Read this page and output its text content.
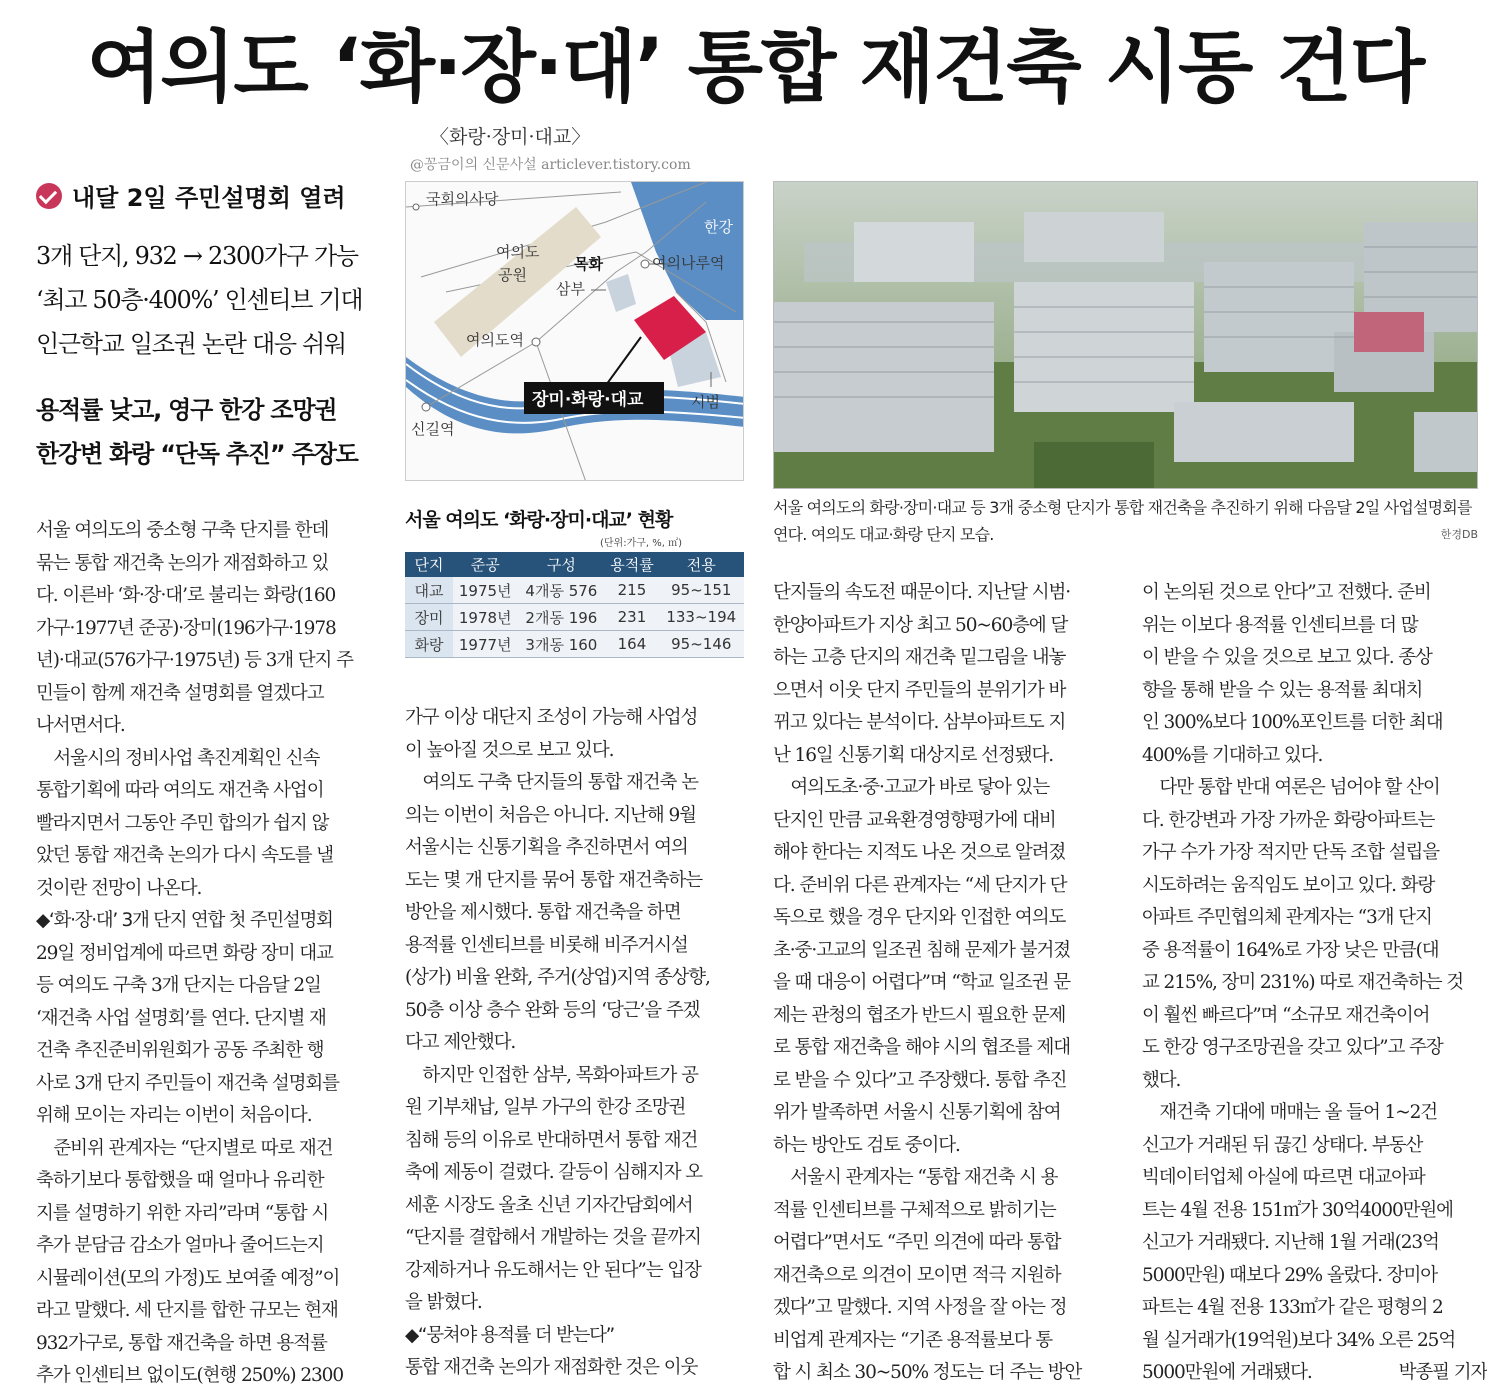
여의도 ‘화·장·대’ 통합 재건축 시동 건다
〈화랑·장미·대교〉
@꽁금이의 신문사설 articlever.tistory.com
내달 2일 주민설명회 열려
3개 단지, 932 → 2300가구 가능
‘최고 50층·400%’ 인센티브 기대
인근학교 일조권 논란 대응 쉬워
용적률 낮고, 영구 한강 조망권
한강변 화랑 “단독 추진” 주장도
국회의사당
한강
여의도
공원
목화
삼부
여의나루역
여의도역
신길역
시범
장미·화랑·대교
서울 여의도 ‘화랑·장미·대교’ 현황
(단위:가구, %, ㎡)
단지	준공	구성	용적률	전용
대교	1975년	4개동 576	215	95~151
장미	1978년	2개동 196	231	133~194
화랑	1977년	3개동 160	164	95~146
서울 여의도의 화랑·장미·대교 등 3개 중소형 단지가 통합 재건축을 추진하기 위해 다음달 2일 사업설명회를 연다. 여의도 대교·화랑 단지 모습.	한경DB

서울 여의도의 중소형 구축 단지를 한데

묶는 통합 재건축 논의가 재점화하고 있

다. 이른바 ‘화·장·대’로 불리는 화랑(160

가구·1977년 준공)·장미(196가구·1978

년)·대교(576가구·1975년) 등 3개 단지 주

민들이 함께 재건축 설명회를 열겠다고

나서면서다.

　서울시의 정비사업 촉진계획인 신속

통합기획에 따라 여의도 재건축 사업이

빨라지면서 그동안 주민 합의가 쉽지 않

았던 통합 재건축 논의가 다시 속도를 낼

것이란 전망이 나온다.

◆‘화·장·대’ 3개 단지 연합 첫 주민설명회

29일 정비업계에 따르면 화랑 장미 대교

등 여의도 구축 3개 단지는 다음달 2일

‘재건축 사업 설명회’를 연다. 단지별 재

건축 추진준비위원회가 공동 주최한 행

사로 3개 단지 주민들이 재건축 설명회를

위해 모이는 자리는 이번이 처음이다.

　준비위 관계자는 “단지별로 따로 재건

축하기보다 통합했을 때 얼마나 유리한

지를 설명하기 위한 자리”라며 “통합 시

추가 분담금 감소가 얼마나 줄어드는지

시뮬레이션(모의 가정)도 보여줄 예정”이

라고 말했다. 세 단지를 합한 규모는 현재

932가구로, 통합 재건축을 하면 용적률

추가 인센티브 없이도(현행 250%) 2300

가구 이상 대단지 조성이 가능해 사업성

이 높아질 것으로 보고 있다.

　여의도 구축 단지들의 통합 재건축 논

의는 이번이 처음은 아니다. 지난해 9월

서울시는 신통기획을 추진하면서 여의

도는 몇 개 단지를 묶어 통합 재건축하는

방안을 제시했다. 통합 재건축을 하면

용적률 인센티브를 비롯해 비주거시설

(상가) 비율 완화, 주거(상업)지역 종상향,

50층 이상 층수 완화 등의 ‘당근’을 주겠

다고 제안했다.

　하지만 인접한 삼부, 목화아파트가 공

원 기부채납, 일부 가구의 한강 조망권

침해 등의 이유로 반대하면서 통합 재건

축에 제동이 걸렸다. 갈등이 심해지자 오

세훈 시장도 올초 신년 기자간담회에서

“단지를 결합해서 개발하는 것을 끝까지

강제하거나 유도해서는 안 된다”는 입장

을 밝혔다.

◆“뭉쳐야 용적률 더 받는다”

통합 재건축 논의가 재점화한 것은 이웃

단지들의 속도전 때문이다. 지난달 시범·

한양아파트가 지상 최고 50~60층에 달

하는 고층 단지의 재건축 밑그림을 내놓

으면서 이웃 단지 주민들의 분위기가 바

뀌고 있다는 분석이다. 삼부아파트도 지

난 16일 신통기획 대상지로 선정됐다.

　여의도초·중·고교가 바로 닿아 있는

단지인 만큼 교육환경영향평가에 대비

해야 한다는 지적도 나온 것으로 알려졌

다. 준비위 다른 관계자는 “세 단지가 단

독으로 했을 경우 단지와 인접한 여의도

초·중·고교의 일조권 침해 문제가 불거졌

을 때 대응이 어렵다”며 “학교 일조권 문

제는 관청의 협조가 반드시 필요한 문제

로 통합 재건축을 해야 시의 협조를 제대

로 받을 수 있다”고 주장했다. 통합 추진

위가 발족하면 서울시 신통기획에 참여

하는 방안도 검토 중이다.

　서울시 관계자는 “통합 재건축 시 용

적률 인센티브를 구체적으로 밝히기는

어렵다”면서도 “주민 의견에 따라 통합

재건축으로 의견이 모이면 적극 지원하

겠다”고 말했다. 지역 사정을 잘 아는 정

비업계 관계자는 “기존 용적률보다 통

합 시 최소 30~50% 정도는 더 주는 방안

이 논의된 것으로 안다”고 전했다. 준비

위는 이보다 용적률 인센티브를 더 많

이 받을 수 있을 것으로 보고 있다. 종상

향을 통해 받을 수 있는 용적률 최대치

인 300%보다 100%포인트를 더한 최대

400%를 기대하고 있다.

　다만 통합 반대 여론은 넘어야 할 산이

다. 한강변과 가장 가까운 화랑아파트는

가구 수가 가장 적지만 단독 조합 설립을

시도하려는 움직임도 보이고 있다. 화랑

아파트 주민협의체 관계자는 “3개 단지

중 용적률이 164%로 가장 낮은 만큼(대

교 215%, 장미 231%) 따로 재건축하는 것

이 훨씬 빠르다”며 “소규모 재건축이어

도 한강 영구조망권을 갖고 있다”고 주장

했다.

　재건축 기대에 매매는 올 들어 1~2건

신고가 거래된 뒤 끊긴 상태다. 부동산

빅데이터업체 아실에 따르면 대교아파

트는 4월 전용 151㎡가 30억4000만원에

신고가 거래됐다. 지난해 1월 거래(23억

5000만원) 때보다 29% 올랐다. 장미아

파트는 4월 전용 133㎡가 같은 평형의 2

월 실거래가(19억원)보다 34% 오른 25억

5000만원에 거래됐다.　　　　　박종필 기자
